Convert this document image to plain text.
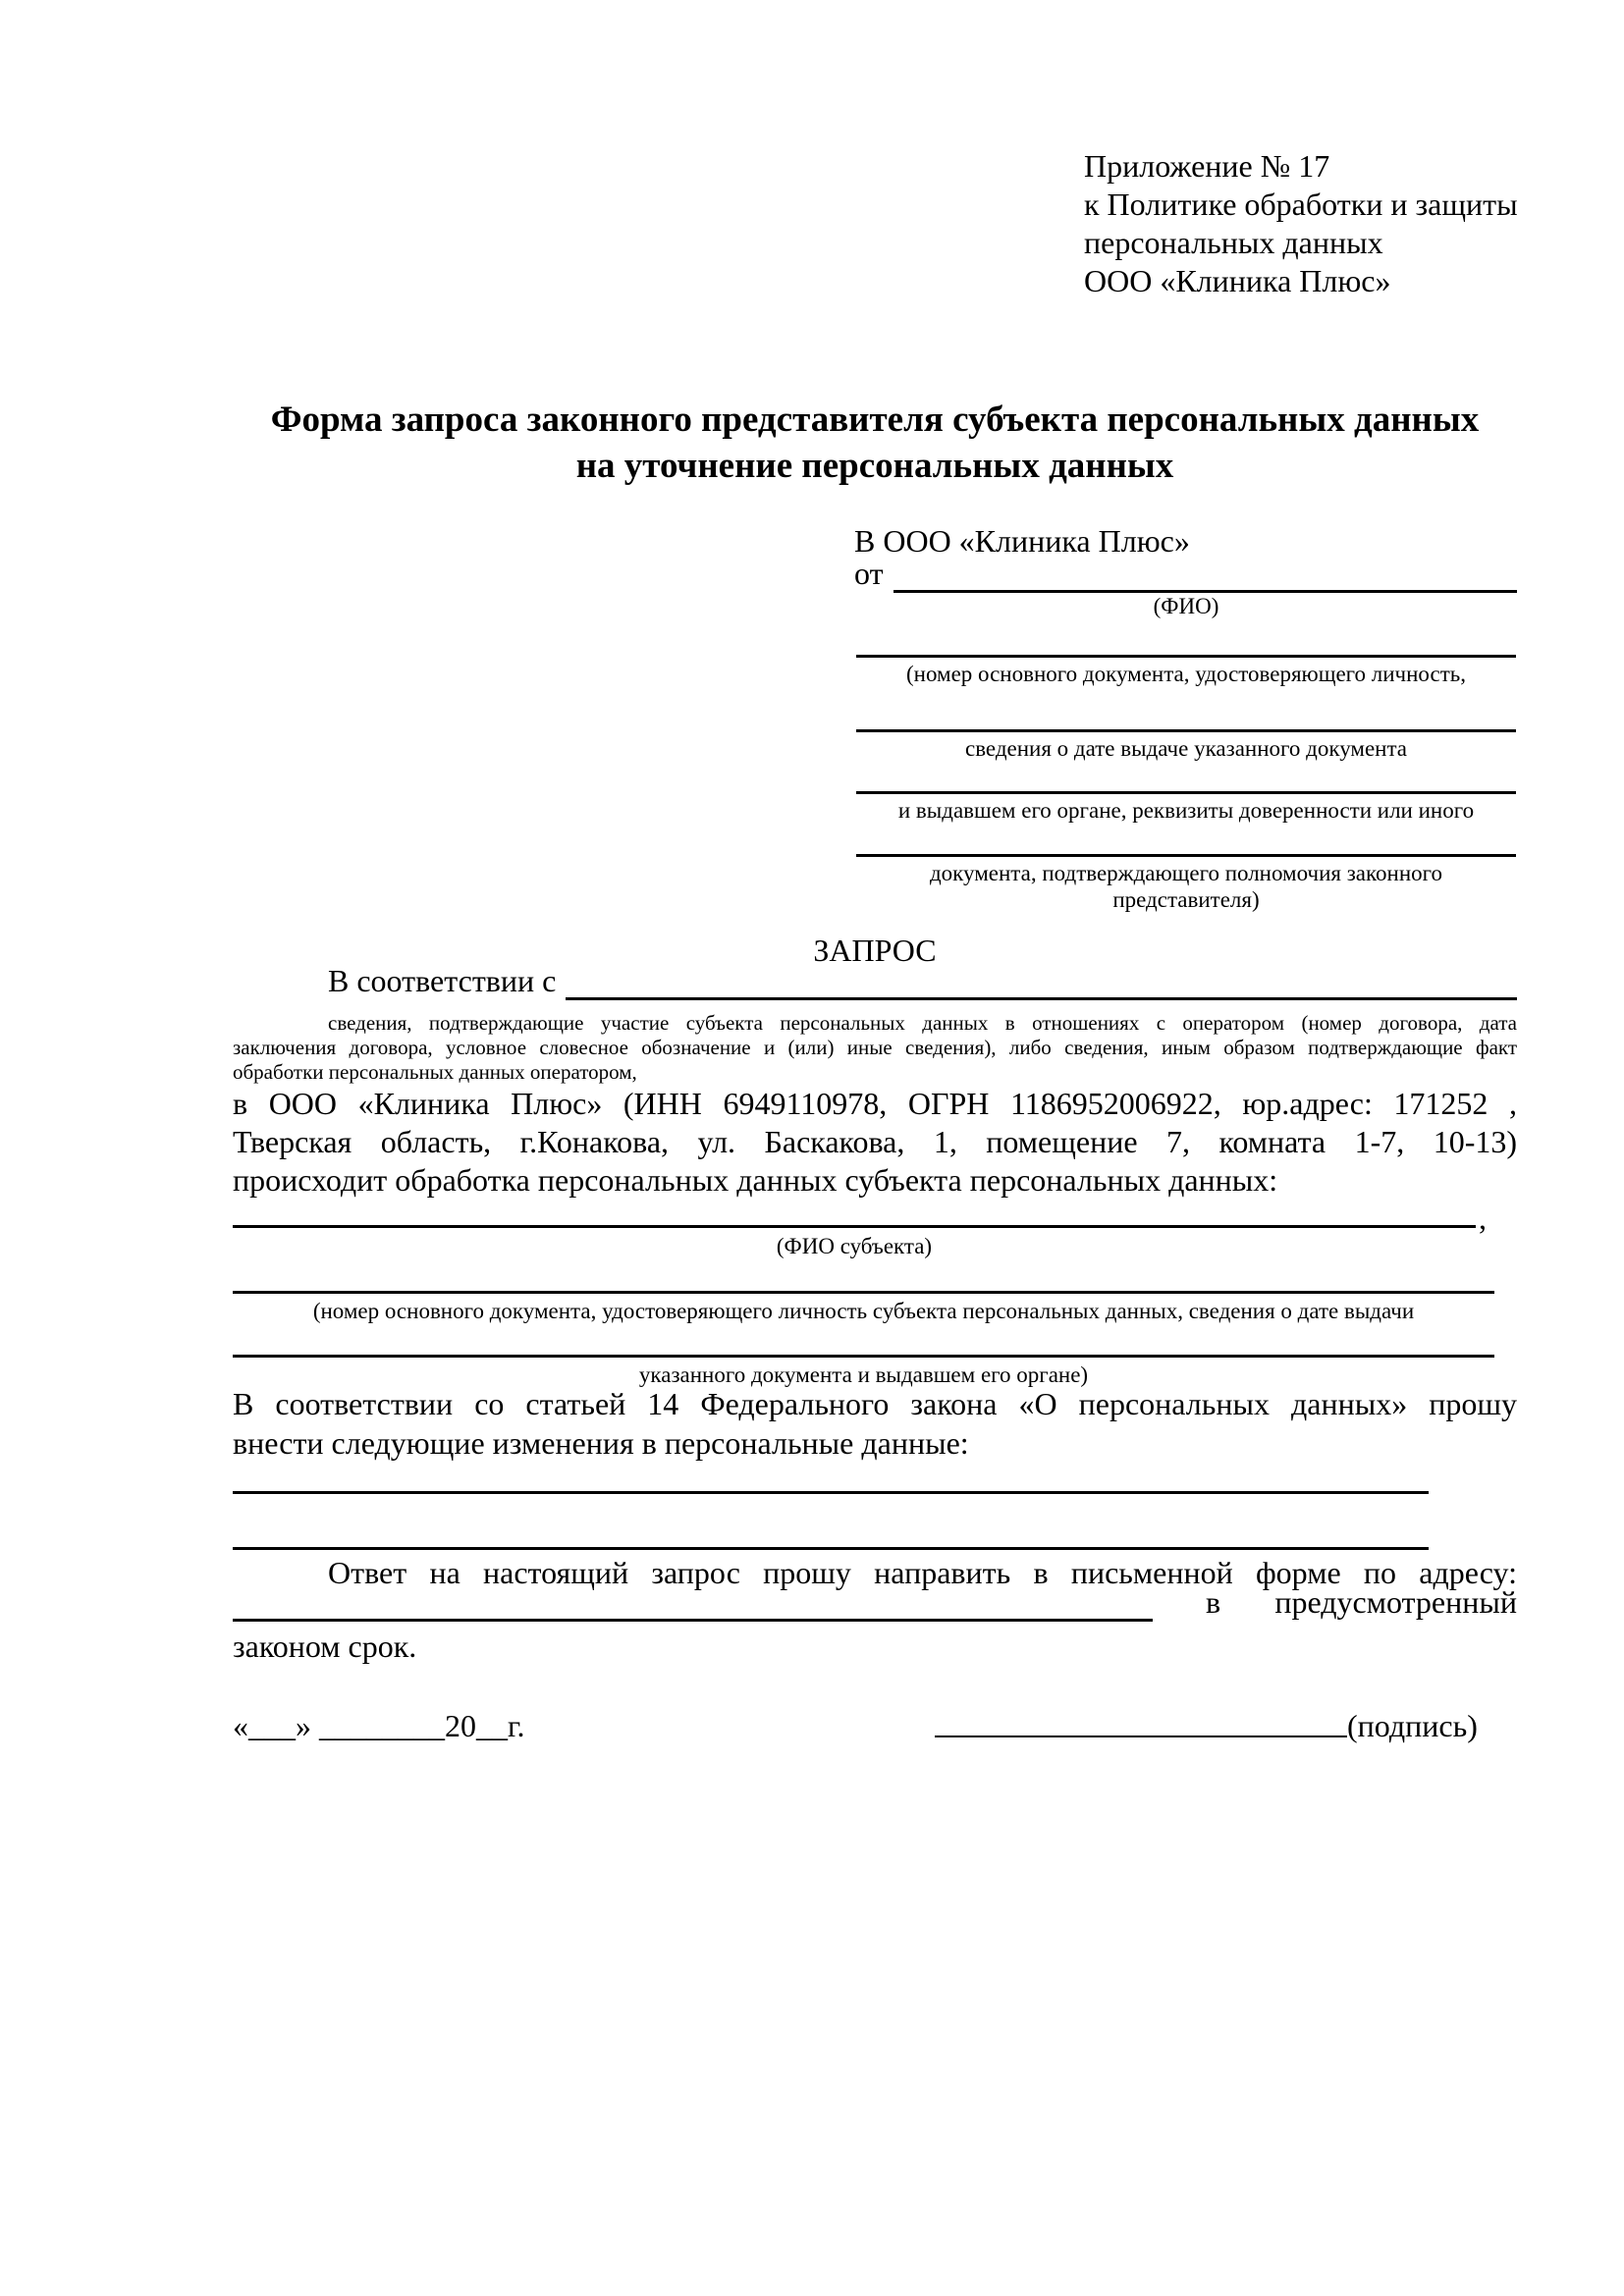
Приложение № 17
к Политике обработки и защиты
персональных данных
ООО «Клиника Плюс»
Форма запроса законного представителя субъекта персональных данных
на уточнение персональных данных
В ООО «Клиника Плюс»
от
(ФИО)
(номер основного документа, удостоверяющего личность,
сведения о дате выдаче указанного документа
и выдавшем его органе, реквизиты доверенности или иного
документа, подтверждающего полномочия законного представителя)
ЗАПРОС
В соответствии с
сведения, подтверждающие участие субъекта персональных данных в отношениях с оператором (номер договора, дата
заключения договора, условное словесное обозначение и (или) иные сведения), либо сведения, иным образом подтверждающие факт
обработки персональных данных оператором,
в ООО «Клиника Плюс» (ИНН 6949110978, ОГРН 1186952006922, юр.адрес: 171252 ,
Тверская область, г.Конакова, ул. Баскакова, 1, помещение 7, комната 1-7, 10-13)
происходит обработка персональных данных субъекта персональных данных:
,
(ФИО субъекта)
(номер основного документа, удостоверяющего личность субъекта персональных данных, сведения о дате выдачи
указанного документа и выдавшем его органе)
В соответствии со статьей 14 Федерального закона «О персональных данных» прошу
внести следующие изменения в персональные данные:
Ответ на настоящий запрос прошу направить в письменной форме по адресу:
в предусмотренный
законом срок.
«___» ________20__г.	(подпись)
